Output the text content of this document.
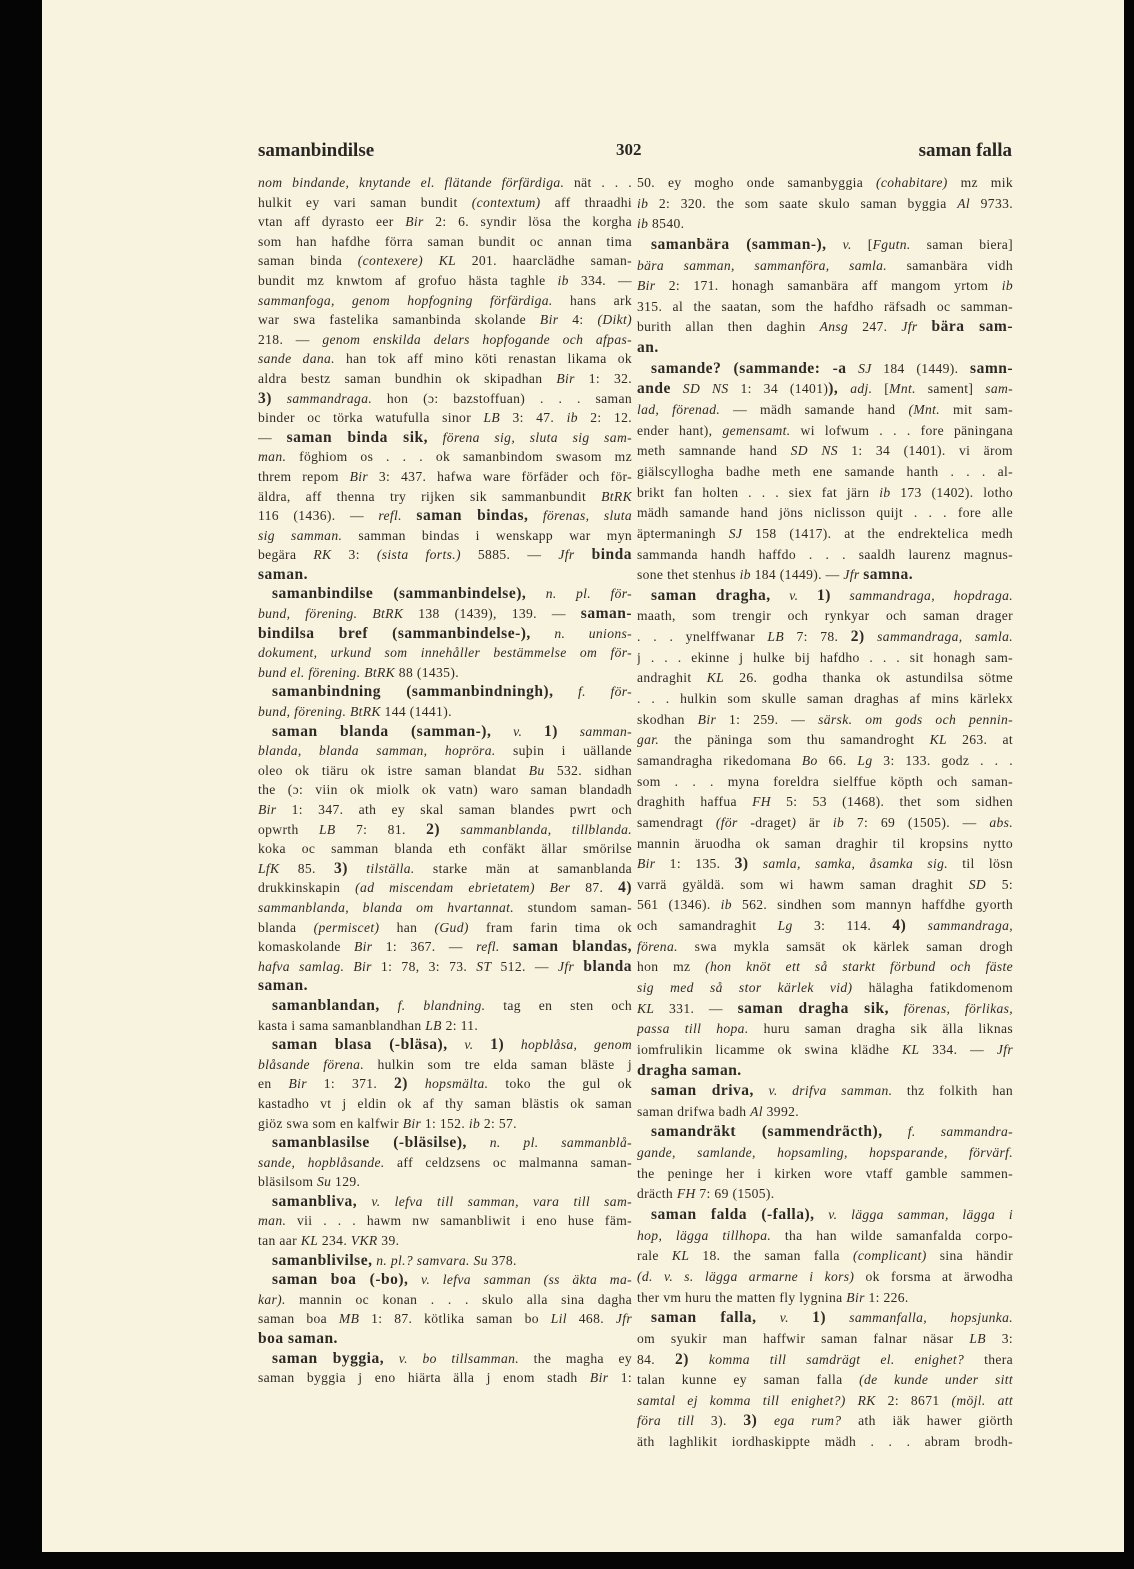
samanbindilse	302	saman falla
nom bindande, knytande el. flätande förfärdiga. nät . . .
hulkit ey vari saman bundit (contextum) aff thraadhi
vtan aff dyrasto eer Bir 2: 6. syndir lösa the korgha
som han hafdhe förra saman bundit oc annan tima
saman binda (contexere) KL 201. haarclädhe saman-
bundit mz knwtom af grofuo hästa taghle ib 334. —
sammanfoga, genom hopfogning förfärdiga. hans ark
war swa fastelika samanbinda skolande Bir 4: (Dikt)
218. — genom enskilda delars hopfogande och afpas-
sande dana. han tok aff mino köti renastan likama ok
aldra bestz saman bundhin ok skipadhan Bir 1: 32.
3) sammandraga. hon (ɔ: bazstoffuan) . . . saman
binder oc törka watufulla sinor LB 3: 47. ib 2: 12.
— saman binda sik, förena sig, sluta sig sam-
man. föghiom os . . . ok samanbindom swasom mz
threm repom Bir 3: 437. hafwa ware förfäder och för-
äldra, aff thenna try rijken sik sammanbundit BtRK
116 (1436). — refl. saman bindas, förenas, sluta
sig samman. samman bindas i wenskapp war myn
begära RK 3: (sista forts.) 5885. — Jfr binda
saman.
samanbindilse (sammanbindelse), n. pl. för-
bund, förening. BtRK 138 (1439), 139. — saman-
bindilsa bref (sammanbindelse-), n. unions-
dokument, urkund som innehåller bestämmelse om för-
bund el. förening. BtRK 88 (1435).
samanbindning (sammanbindningh), f. för-
bund, förening. BtRK 144 (1441).
saman blanda (samman-), v. 1) samman-
blanda, blanda samman, hopröra. suþin i uällande
oleo ok tiäru ok istre saman blandat Bu 532. sidhan
the (ɔ: viin ok miolk ok vatn) waro saman blandadh
Bir 1: 347. ath ey skal saman blandes pwrt och
opwrth LB 7: 81. 2) sammanblanda, tillblanda.
koka oc samman blanda eth confäkt ällar smörilse
LfK 85. 3) tilställa. starke män at samanblanda
drukkinskapin (ad miscendam ebrietatem) Ber 87. 4)
sammanblanda, blanda om hvartannat. stundom saman-
blanda (permiscet) han (Gud) fram farin tima ok
komaskolande Bir 1: 367. — refl. saman blandas,
hafva samlag. Bir 1: 78, 3: 73. ST 512. — Jfr blanda
saman.
samanblandan, f. blandning. tag en sten och
kasta i sama samanblandhan LB 2: 11.
saman blasa (-bläsa), v. 1) hopblåsa, genom
blåsande förena. hulkin som tre elda saman bläste j
en Bir 1: 371. 2) hopsmälta. toko the gul ok
kastadho vt j eldin ok af thy saman blästis ok saman
giöz swa som en kalfwir Bir 1: 152. ib 2: 57.
samanblasilse (-bläsilse), n. pl. sammanblå-
sande, hopblåsande. aff celdzsens oc malmanna saman-
bläsilsom Su 129.
samanbliva, v. lefva till samman, vara till sam-
man. vii . . . hawm nw samanbliwit i eno huse fäm-
tan aar KL 234. VKR 39.
samanblivilse, n. pl.? samvara. Su 378.
saman boa (-bo), v. lefva samman (ss äkta ma-
kar). mannin oc konan . . . skulo alla sina dagha
saman boa MB 1: 87. kötlika saman bo Lil 468. Jfr
boa saman.
saman byggia, v. bo tillsamman. the magha ey
saman byggia j eno hiärta älla j enom stadh Bir 1:
50. ey mogho onde samanbyggia (cohabitare) mz mik
ib 2: 320. the som saate skulo saman byggia Al 9733.
ib 8540.
samanbära (samman-), v. [Fgutn. saman biera]
bära samman, sammanföra, samla. samanbära vidh
Bir 2: 171. honagh samanbära aff mangom yrtom ib
315. al the saatan, som the hafdho räfsadh oc samman-
burith allan then daghin Ansg 247. Jfr bära sam-
an.
samande? (sammande: -a SJ 184 (1449). samn-
ande SD NS 1: 34 (1401)), adj. [Mnt. sament] sam-
lad, förenad. — mädh samande hand (Mnt. mit sam-
ender hant), gemensamt. wi lofwum . . . fore päningana
meth samnande hand SD NS 1: 34 (1401). vi ärom
giälscyllogha badhe meth ene samande hanth . . . al-
brikt fan holten . . . siex fat järn ib 173 (1402). lotho
mädh samande hand jöns niclisson quijt . . . fore alle
äptermaningh SJ 158 (1417). at the endrektelica medh
sammanda handh haffdo . . . saaldh laurenz magnus-
sone thet stenhus ib 184 (1449). — Jfr samna.
saman dragha, v. 1) sammandraga, hopdraga.
maath, som trengir och rynkyar och saman drager
. . . ynelffwanar LB 7: 78. 2) sammandraga, samla.
j . . . ekinne j hulke bij hafdho . . . sit honagh sam-
andraghit KL 26. godha thanka ok astundilsa sötme
. . . hulkin som skulle saman draghas af mins kärlekx
skodhan Bir 1: 259. — särsk. om gods och pennin-
gar. the päninga som thu samandroght KL 263. at
samandragha rikedomana Bo 66. Lg 3: 133. godz . . .
som . . . myna foreldra sielffue köpth och saman-
draghith haffua FH 5: 53 (1468). thet som sidhen
samendragt (för -draget) är ib 7: 69 (1505). — abs.
mannin äruodha ok saman draghir til kropsins nytto
Bir 1: 135. 3) samla, samka, åsamka sig. til lösn
varrä gyäldä. som wi hawm saman draghit SD 5:
561 (1346). ib 562. sindhen som mannyn haffdhe gyorth
och samandraghit Lg 3: 114. 4) sammandraga,
förena. swa mykla samsät ok kärlek saman drogh
hon mz (hon knöt ett så starkt förbund och fäste
sig med så stor kärlek vid) hälagha fatikdomenom
KL 331. — saman dragha sik, förenas, förlikas,
passa till hopa. huru saman dragha sik älla liknas
iomfrulikin licamme ok swina klädhe KL 334. — Jfr
dragha saman.
saman driva, v. drifva samman. thz folkith han
saman drifwa badh Al 3992.
samandräkt (sammendräcth), f. sammandra-
gande, samlande, hopsamling, hopsparande, förvärf.
the peninge her i kirken wore vtaff gamble sammen-
dräcth FH 7: 69 (1505).
saman falda (-falla), v. lägga samman, lägga i
hop, lägga tillhopa. tha han wilde samanfalda corpo-
rale KL 18. the saman falla (complicant) sina händir
(d. v. s. lägga armarne i kors) ok forsma at ärwodha
ther vm huru the matten fly lygnina Bir 1: 226.
saman falla, v. 1) sammanfalla, hopsjunka.
om syukir man haffwir saman falnar näsar LB 3:
84. 2) komma till samdrägt el. enighet? thera
talan kunne ey saman falla (de kunde under sitt
samtal ej komma till enighet?) RK 2: 8671 (möjl. att
föra till 3). 3) ega rum? ath iäk hawer giörth
äth laghlikit iordhaskippte mädh . . . abram brodh-
